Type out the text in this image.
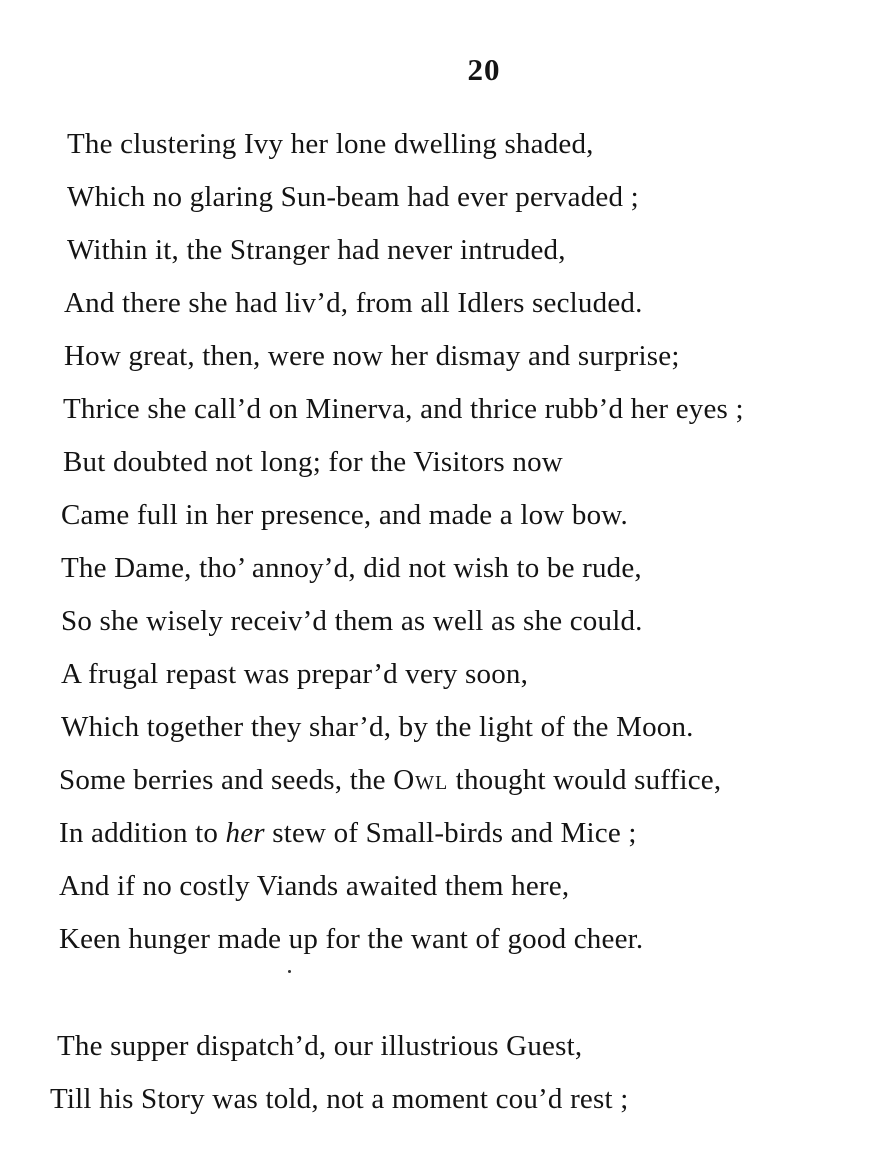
20
The clustering Ivy her lone dwelling shaded,
Which no glaring Sun-beam had ever pervaded ;
Within it, the Stranger had never intruded,
And there she had liv’d, from all Idlers secluded.
How great, then, were now her dismay and surprise;
Thrice she call’d on Minerva, and thrice rubb’d her eyes ;
But doubted not long; for the Visitors now
Came full in her presence, and made a low bow.
The Dame, tho’ annoy’d, did not wish to be rude,
So she wisely receiv’d them as well as she could.
A frugal repast was prepar’d very soon,
Which together they shar’d, by the light of the Moon.
Some berries and seeds, the Owl thought would suffice,
In addition to her stew of Small-birds and Mice ;
And if no costly Viands awaited them here,
Keen hunger made up for the want of good cheer.
The supper dispatch’d, our illustrious Guest,
Till his Story was told, not a moment cou’d rest ;
